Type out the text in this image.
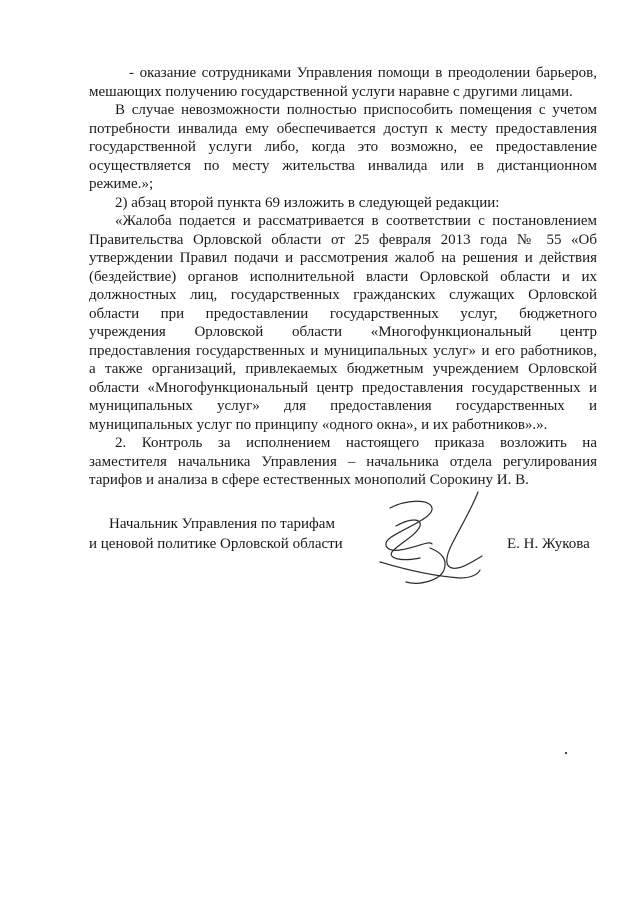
- оказание сотрудниками Управления помощи в преодолении барьеров,
мешающих получению государственной услуги наравне с другими лицами.
В случае невозможности полностью приспособить помещения с учетом
потребности инвалида ему обеспечивается доступ к месту предоставления
государственной услуги либо, когда это возможно, ее предоставление
осуществляется по месту жительства инвалида или в дистанционном
режиме.»;
2) абзац второй пункта 69 изложить в следующей редакции:
«Жалоба подается и рассматривается в соответствии с постановлением
Правительства Орловской области от 25 февраля 2013 года № 55 «Об
утверждении Правил подачи и рассмотрения жалоб на решения и действия
(бездействие) органов исполнительной власти Орловской области и их
должностных лиц, государственных гражданских служащих Орловской
области при предоставлении государственных услуг, бюджетного
учреждения Орловской области «Многофункциональный центр
предоставления государственных и муниципальных услуг» и его работников,
а также организаций, привлекаемых бюджетным учреждением Орловской
области «Многофункциональный центр предоставления государственных и
муниципальных услуг» для предоставления государственных и
муниципальных услуг по принципу «одного окна», и их работников».».
2. Контроль за исполнением настоящего приказа возложить на
заместителя начальника Управления – начальника отдела регулирования
тарифов и анализа в сфере естественных монополий Сорокину И. В.
Начальник Управления по тарифам
и ценовой политике Орловской области	Е. Н. Жукова
